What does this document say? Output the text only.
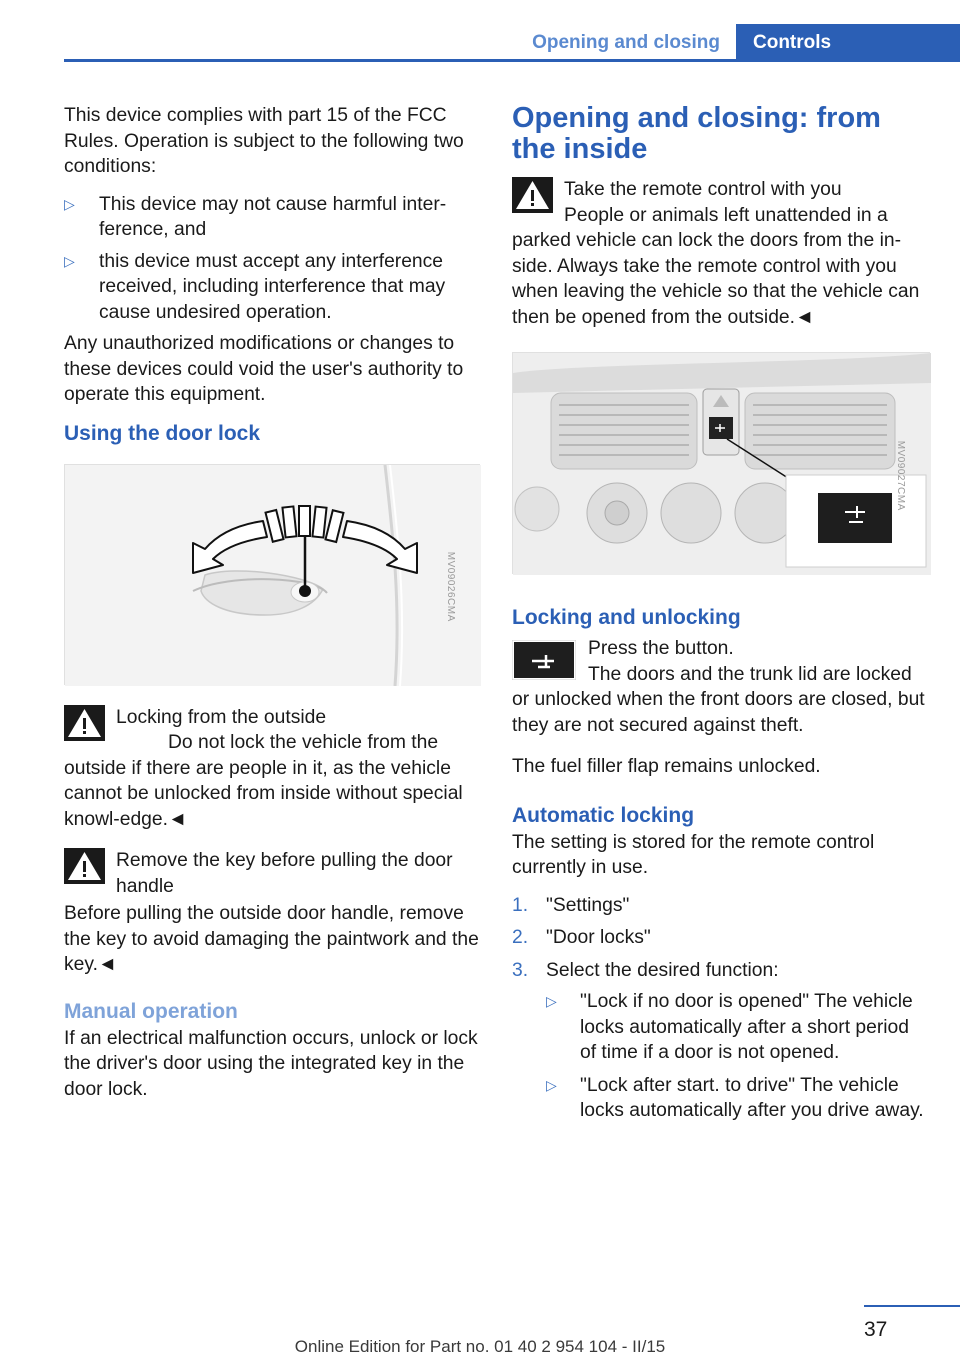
Opening and closing	Controls

This device complies with part 15 of the FCC Rules. Operation is subject to the following two conditions:

▷ This device may not cause harmful inter‐ference, and
▷ this device must accept any interference received, including interference that may cause undesired operation.

Any unauthorized modifications or changes to these devices could void the user's authority to operate this equipment.

Using the door lock
MV09026CMA
Locking from the outside
Do not lock the vehicle from the outside if there are people in it, as the vehicle cannot be unlocked from inside without special knowl‐edge.◄
Remove the key before pulling the door handle
Before pulling the outside door handle, remove the key to avoid damaging the paintwork and the key.◄
Manual operation

If an electrical malfunction occurs, unlock or lock the driver's door using the integrated key in the door lock.

Opening and closing: from the inside
Take the remote control with you
People or animals left unattended in a parked vehicle can lock the doors from the in‐side. Always take the remote control with you when leaving the vehicle so that the vehicle can then be opened from the outside.◄
MV09027CMA
Locking and unlocking
Press the button.
The doors and the trunk lid are locked or unlocked when the front doors are closed, but they are not secured against theft.

The fuel filler flap remains unlocked.

Automatic locking

The setting is stored for the remote control currently in use.

1. "Settings"
2. "Door locks"
3. Select the desired function:
▷ "Lock if no door is opened" The vehicle locks automatically after a short period of time if a door is not opened.
▷ "Lock after start. to drive" The vehicle locks automatically after you drive away.
37
Online Edition for Part no. 01 40 2 954 104 - II/15
